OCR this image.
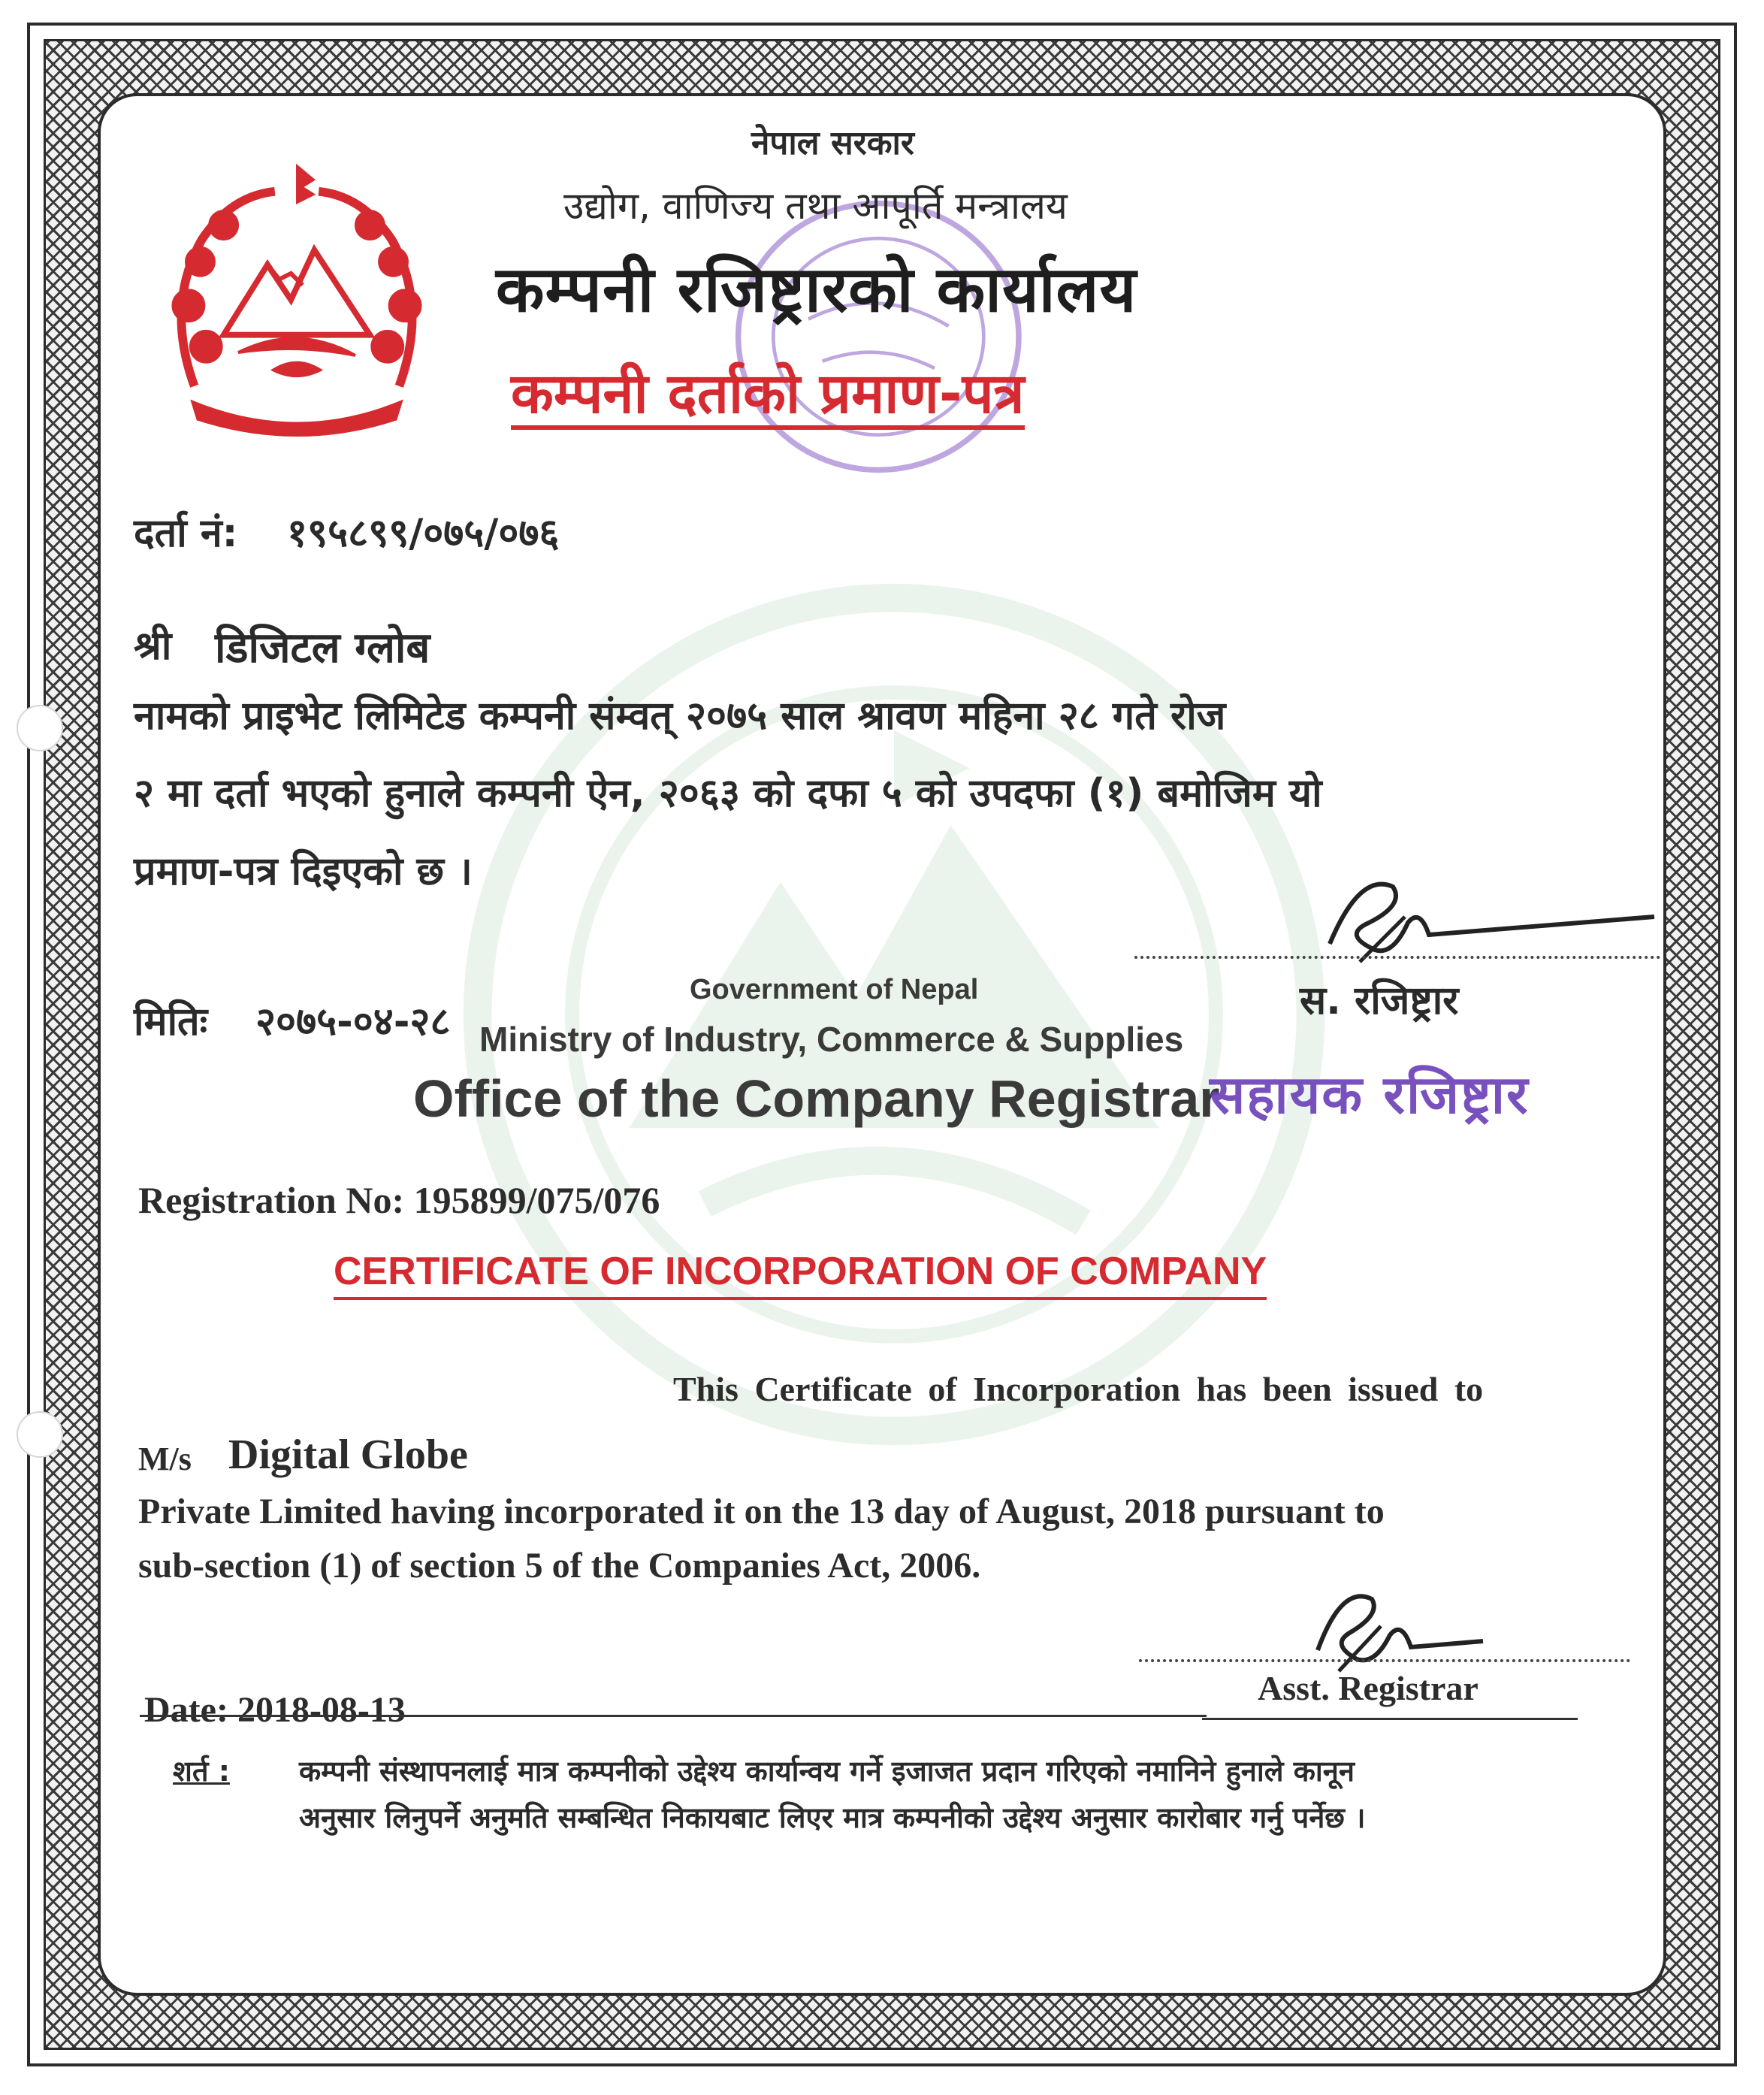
नेपाल सरकार
उद्योग, वाणिज्य तथा आपूर्ति मन्त्रालय
कम्पनी रजिष्ट्रारको कार्यालय
कम्पनी दर्ताको प्रमाण-पत्र
दर्ता नं: १९५८९९/०७५/०७६
श्री डिजिटल ग्लोब
नामको प्राइभेट लिमिटेड कम्पनी संम्वत् २०७५ साल श्रावण महिना २८ गते रोज
२ मा दर्ता भएको हुनाले कम्पनी ऐन, २०६३ को दफा ५ को उपदफा (१) बमोजिम यो
प्रमाण-पत्र दिइएको छ ।
स. रजिष्ट्रार
मितिः २०७५-०४-२८
Government of Nepal
Ministry of Industry, Commerce & Supplies
Office of the Company Registrar
सहायक रजिष्ट्रार
Registration No: 195899/075/076
CERTIFICATE OF INCORPORATION OF COMPANY
This Certificate of Incorporation has been issued to
M/s Digital Globe
Private Limited having incorporated it on the 13 day of August, 2018 pursuant to
sub-section (1) of section 5 of the Companies Act, 2006.
Asst. Registrar
Date: 2018-08-13
शर्त : कम्पनी संस्थापनलाई मात्र कम्पनीको उद्देश्य कार्यान्वय गर्ने इजाजत प्रदान गरिएको नमानिने हुनाले कानून
अनुसार लिनुपर्ने अनुमति सम्बन्धित निकायबाट लिएर मात्र कम्पनीको उद्देश्य अनुसार कारोबार गर्नु पर्नेछ ।
